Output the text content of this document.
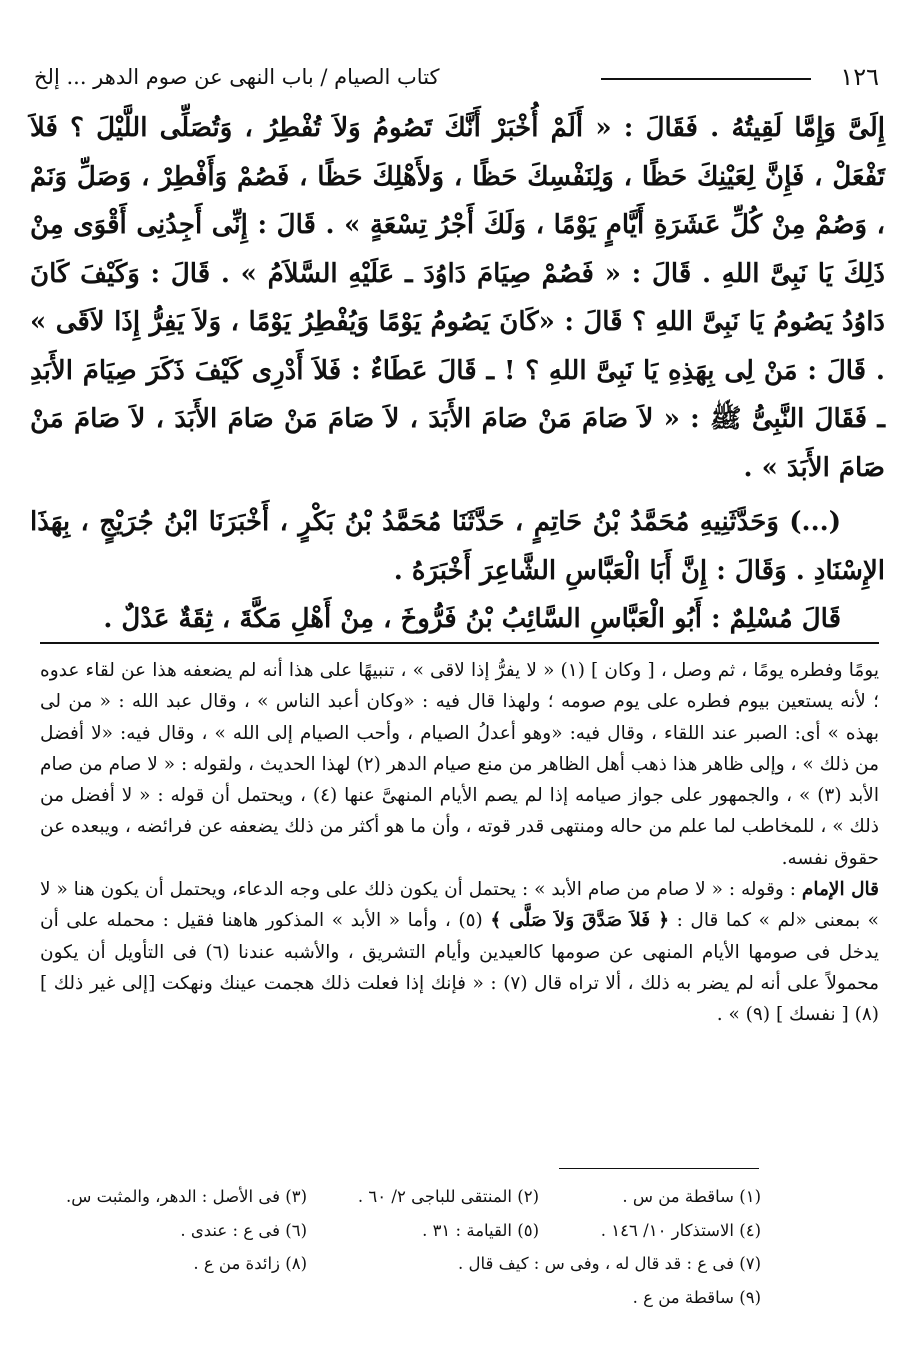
١٢٦
كتاب الصيام / باب النهى عن صوم الدهر ... إلخ

إِلَىَّ وَإِمَّا لَقِيتُهُ . فَقَالَ : « أَلَمْ أُخْبَرْ أَنَّكَ تَصُومُ وَلاَ تُفْطِرُ ، وَتُصَلِّى اللَّيْلَ ؟ فَلاَ تَفْعَلْ ، فَإِنَّ لِعَيْنِكَ حَظًا ، وَلِنَفْسِكَ حَظًا ، وَلأَهْلِكَ حَظًا ، فَصُمْ وَأَفْطِرْ ، وَصَلِّ وَنَمْ ، وَصُمْ مِنْ كُلِّ عَشَرَةِ أَيَّامٍ يَوْمًا ، وَلَكَ أَجْرُ تِسْعَةٍ » . قَالَ : إِنِّى أَجِدُنِى أَقْوَى مِنْ ذَلِكَ يَا نَبِىَّ اللهِ . قَالَ : « فَصُمْ صِيَامَ دَاوُدَ ـ عَلَيْهِ السَّلاَمُ » . قَالَ : وَكَيْفَ كَانَ دَاوُدُ يَصُومُ يَا نَبِىَّ اللهِ ؟ قَالَ : «كَانَ يَصُومُ يَوْمًا وَيُفْطِرُ يَوْمًا ، وَلاَ يَفِرُّ إِذَا لاَقَى » . قَالَ : مَنْ لِى بِهَذِهِ يَا نَبِىَّ اللهِ ؟ ! ـ قَالَ عَطَاءٌ : فَلاَ أَدْرِى كَيْفَ ذَكَرَ صِيَامَ الأَبَدِ ـ فَقَالَ النَّبِىُّ ﷺ : « لاَ صَامَ مَنْ صَامَ الأَبَدَ ، لاَ صَامَ مَنْ صَامَ الأَبَدَ ، لاَ صَامَ مَنْ صَامَ الأَبَدَ » .

(...) وَحَدَّثَنِيهِ مُحَمَّدُ بْنُ حَاتِمٍ ، حَدَّثَنَا مُحَمَّدُ بْنُ بَكْرٍ ، أَخْبَرَنَا ابْنُ جُرَيْجٍ ، بِهَذَا الإِسْنَادِ . وَقَالَ : إِنَّ أَبَا الْعَبَّاسِ الشَّاعِرَ أَخْبَرَهُ .

قَالَ مُسْلِمٌ : أَبُو الْعَبَّاسِ السَّائِبُ بْنُ فَرُّوخَ ، مِنْ أَهْلِ مَكَّةَ ، ثِقَةٌ عَدْلٌ .

يومًا وفطره يومًا ، ثم وصل ، [ وكان ] (١) « لا يفرُّ إذا لاقى » ، تنبيهًا على هذا أنه لم يضعفه هذا عن لقاء عدوه ؛ لأنه يستعين بيوم فطره على يوم صومه ؛ ولهذا قال فيه : «وكان أعبد الناس » ، وقال عبد الله : « من لى بهذه » أى: الصبر عند اللقاء ، وقال فيه: «وهو أعدلُ الصيام ، وأحب الصيام إلى الله » ، وقال فيه: «لا أفضل من ذلك » ، وإلى ظاهر هذا ذهب أهل الظاهر من منع صيام الدهر (٢) لهذا الحديث ، ولقوله : « لا صام من صام الأبد (٣) » ، والجمهور على جواز صيامه إذا لم يصم الأيام المنهىَّ عنها (٤) ، ويحتمل أن قوله : « لا أفضل من ذلك » ، للمخاطب لما علم من حاله ومنتهى قدر قوته ، وأن ما هو أكثر من ذلك يضعفه عن فرائضه ، ويبعده عن حقوق نفسه.

قال الإمام : وقوله : « لا صام من صام الأبد » : يحتمل أن يكون ذلك على وجه الدعاء، ويحتمل أن يكون هنا « لا » بمعنى «لم » كما قال : ﴿ فَلاَ صَدَّقَ وَلاَ صَلَّى ﴾ (٥) ، وأما « الأبد » المذكور هاهنا فقيل : محمله على أن يدخل فى صومها الأيام المنهى عن صومها كالعيدين وأيام التشريق ، والأشبه عندنا (٦) فى التأويل أن يكون محمولاً على أنه لم يضر به ذلك ، ألا تراه قال (٧) : « فإنك إذا فعلت ذلك هجمت عينك ونهكت [إلى غير ذلك ] (٨) [ نفسك ] (٩) » .

(١) ساقطة من س .
(٢) المنتقى للباجى ٢/ ٦٠ .
(٣) فى الأصل : الدهر، والمثبت س.
(٤) الاستذكار ١٠/ ١٤٦ .
(٥) القيامة : ٣١ .
(٦) فى ع : عندى .
(٧) فى ع : قد قال له ، وفى س : كيف قال .
(٨) زائدة من ع .
(٩) ساقطة من ع .
